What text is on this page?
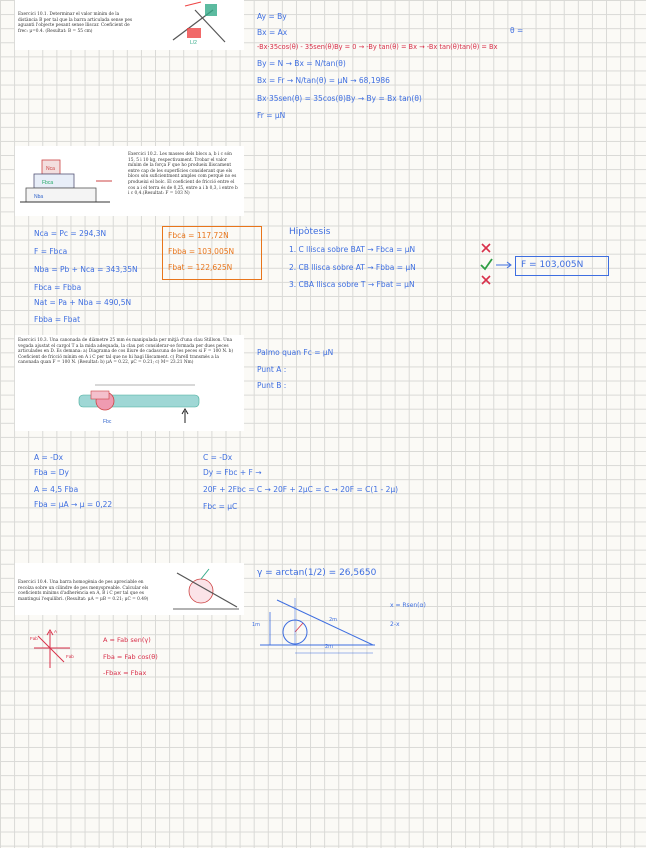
Exercici 10.1. Determinar el valor mínim de la distància B per tal que la barra articulada sense pes aguanti l'objecte pesant sense lliscar. Coeficient de frec: μ=0.4. (Resultat: B = 55 cm)
L/2
Ay = By
Bx = Ax	θ =
-Bx·35cos(θ) - 35sen(θ)By = 0 → -By tan(θ) = Bx → -Bx tan(θ)tan(θ) = Bx
By = N → Bx = N/tan(θ)
Bx = Fr → N/tan(θ) = μN → 68,1986
Bx·35sen(θ) = 35cos(θ)By → By = Bx tan(θ)
Fr = μN
Nca
Fbca
Nba
Exercici 10.2. Les masses dels blocs a, b i c són 15, 5 i 10 kg, respectivament. Trobar el valor mínim de la força F que ho produeix lliscament entre cap de les superfícies considerant que els blocs són suficientment amples com perquè no es produeixi el bolc. El coeficient de fricció entre el cos a i el terra és de 0,25, entre a i b 0,3, i entre b i c 0,4.(Resultat: F = 103 N)
Nca = Pc = 294,3N
F = Fbca
Nba = Pb + Nca = 343,35N
Fbca = Fbba
Nat = Pa + Nba = 490,5N
Fbba = Fbat
Fbca = 117,72N
Fbba = 103,005N
Fbat = 122,625N
Hipòtesis
1. C llisca sobre BAT → Fbca = μN
2. CB llisca sobre AT → Fbba = μN
3. CBA llisca sobre T → Fbat = μN
F = 103,005N
Exercici 10.3. Una canonada de diàmetre 25 mm és manipulada per mitjà d'una clau Stillson. Una vegada ajustat el cargol T a la mida adequada, la clau pot considerar-se formada per dues peces articulades en D. Es demana: a) Diagrama de cos lliure de cadascuna de les peces si F = 100 N. b) Coeficient de fricció mínim en A i C per tal que no hi hagi lliscament. c) Parell transmès a la canonada quan F = 100 N. (Resultat: b) μA = 0.22, μC = 0.21; c) M= 23.21 Nm)
Fbc
Palmo quan Fc = μN
Punt A :
Punt B :
A = -Dx
Fba = Dy
A = 4,5 Fba
Fba = μA → μ = 0,22
C = -Dx
Dy = Fbc + F →
20F + 2Fbc = C → 20F + 2μC = C → 20F = C(1 - 2μ)
Fbc = μC
Exercici 10.4. Una barra homogènia de pes apreciable en recolza sobre un cilindre de pes menyspreable. Calcular els coeficients mínims d'adherència en A, B i C per tal que es mantingui l'equilibri. (Resultat: μA = μB = 0.21; μC = 0.49)
γ = arctan(1/2) = 26,5650
x = Rsen(α)
2-x
1m
2m
2m
Fab
Fab
A
A = Fab sen(γ)
Fba = Fab cos(θ)
-Fbax = Fbax
